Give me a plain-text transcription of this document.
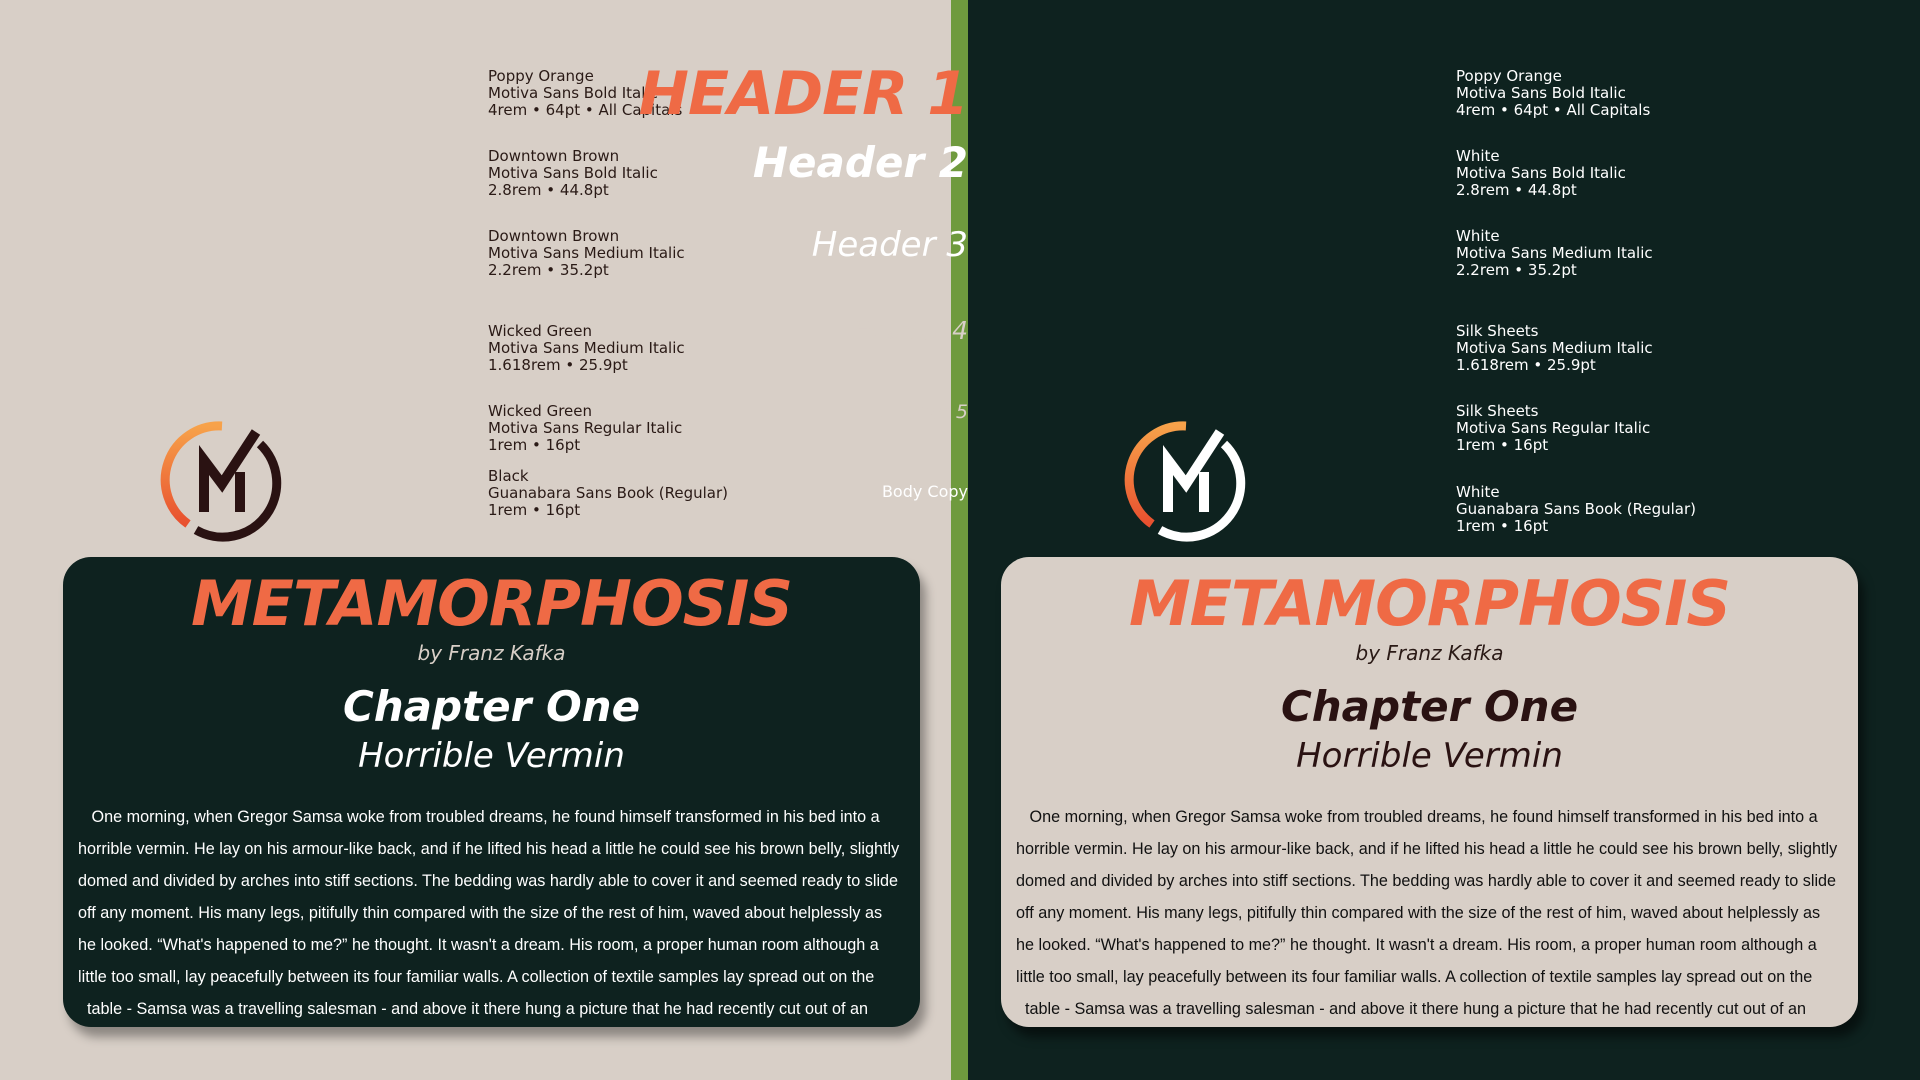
Poppy Orange
Motiva Sans Bold Italic
4rem • 64pt • All Capitals
Downtown Brown
Motiva Sans Bold Italic
2.8rem • 44.8pt
Downtown Brown
Motiva Sans Medium Italic
2.2rem • 35.2pt
Wicked Green
Motiva Sans Medium Italic
1.618rem • 25.9pt
Wicked Green
Motiva Sans Regular Italic
1rem • 16pt
Black
Guanabara Sans Book (Regular)
1rem • 16pt
METAMORPHOSIS
by Franz Kafka
Chapter One
Horrible Vermin
One morning, when Gregor Samsa woke from troubled dreams, he found himself transformed in his bed into a
horrible vermin. He lay on his armour-like back, and if he lifted his head a little he could see his brown belly, slightly
domed and divided by arches into stiff sections. The bedding was hardly able to cover it and seemed ready to slide
off any moment. His many legs, pitifully thin compared with the size of the rest of him, waved about helplessly as
he looked. “What's happened to me?” he thought. It wasn't a dream. His room, a proper human room although a
little too small, lay peacefully between its four familiar walls. A collection of textile samples lay spread out on the
table - Samsa was a travelling salesman - and above it there hung a picture that he had recently cut out of an
HEADER 1	Poppy Orange
Motiva Sans Bold Italic
4rem • 64pt • All Capitals
Header 2	White
Motiva Sans Bold Italic
2.8rem • 44.8pt
Header 3	White
Motiva Sans Medium Italic
2.2rem • 35.2pt
Header 4	Silk Sheets
Motiva Sans Medium Italic
1.618rem • 25.9pt
Header 5	Silk Sheets
Motiva Sans Regular Italic
1rem • 16pt
Body Copy	White
Guanabara Sans Book (Regular)
1rem • 16pt
METAMORPHOSIS
by Franz Kafka
Chapter One
Horrible Vermin
One morning, when Gregor Samsa woke from troubled dreams, he found himself transformed in his bed into a
horrible vermin. He lay on his armour-like back, and if he lifted his head a little he could see his brown belly, slightly
domed and divided by arches into stiff sections. The bedding was hardly able to cover it and seemed ready to slide
off any moment. His many legs, pitifully thin compared with the size of the rest of him, waved about helplessly as
he looked. “What's happened to me?” he thought. It wasn't a dream. His room, a proper human room although a
little too small, lay peacefully between its four familiar walls. A collection of textile samples lay spread out on the
table - Samsa was a travelling salesman - and above it there hung a picture that he had recently cut out of an
